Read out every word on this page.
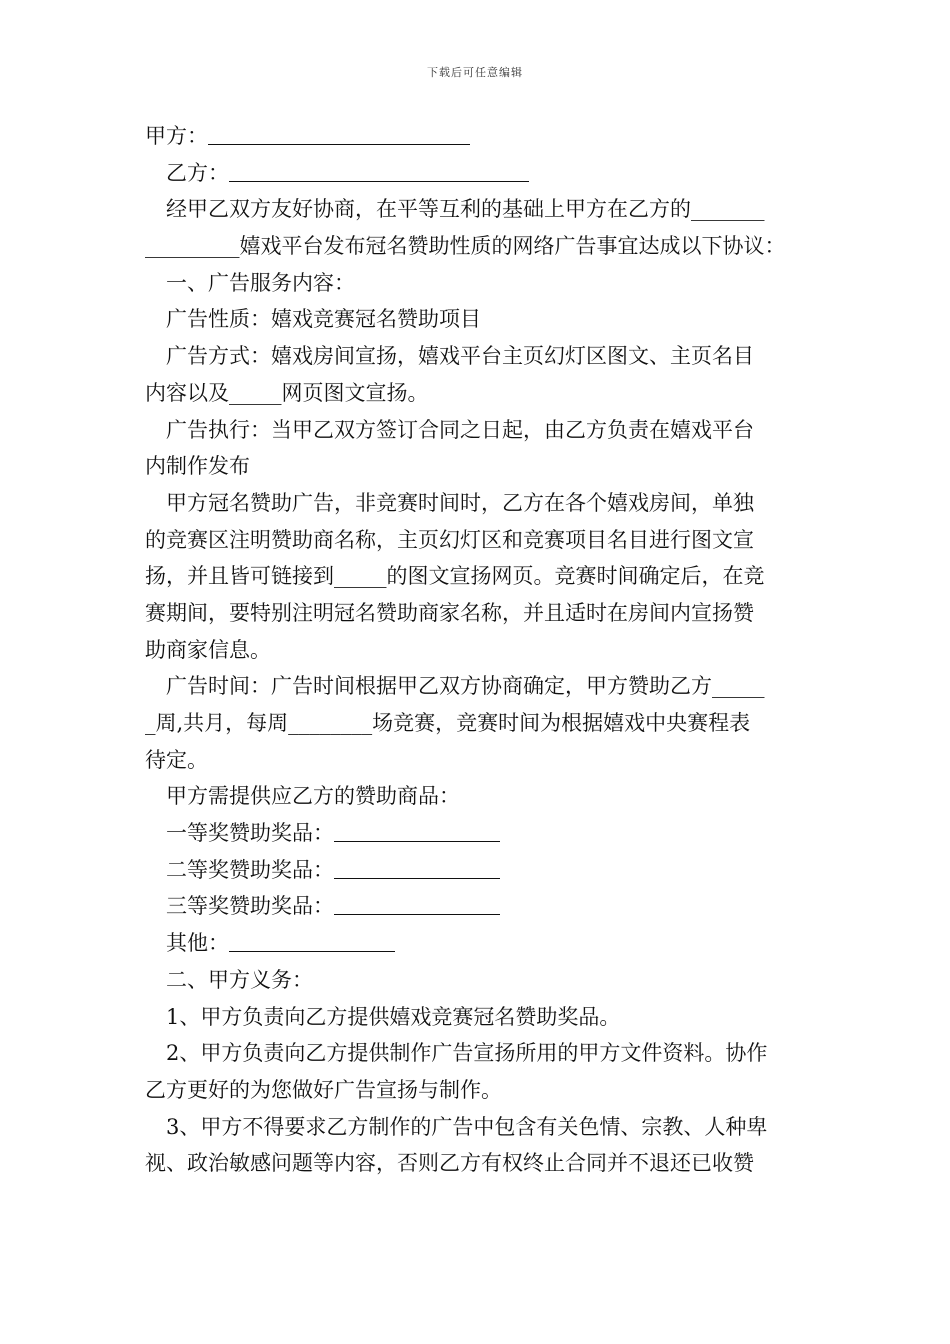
下载后可任意编辑
甲方：
乙方：
经甲乙双方友好协商，在平等互利的基础上甲方在乙方的_______
_________嬉戏平台发布冠名赞助性质的网络广告事宜达成以下协议：
一、广告服务内容：
广告性质：嬉戏竞赛冠名赞助项目
广告方式：嬉戏房间宣扬，嬉戏平台主页幻灯区图文、主页名目
内容以及_____网页图文宣扬。
广告执行：当甲乙双方签订合同之日起，由乙方负责在嬉戏平台
内制作发布
甲方冠名赞助广告，非竞赛时间时，乙方在各个嬉戏房间，单独
的竞赛区注明赞助商名称，主页幻灯区和竞赛项目名目进行图文宣
扬，并且皆可链接到_____的图文宣扬网页。竞赛时间确定后，在竞
赛期间，要特别注明冠名赞助商家名称，并且适时在房间内宣扬赞
助商家信息。
广告时间：广告时间根据甲乙双方协商确定，甲方赞助乙方_____
_周,共月，每周________场竞赛，竞赛时间为根据嬉戏中央赛程表
待定。
甲方需提供应乙方的赞助商品：
一等奖赞助奖品：
二等奖赞助奖品：
三等奖赞助奖品：
其他：
二、甲方义务：
1、甲方负责向乙方提供嬉戏竞赛冠名赞助奖品。
2、甲方负责向乙方提供制作广告宣扬所用的甲方文件资料。协作
乙方更好的为您做好广告宣扬与制作。
3、甲方不得要求乙方制作的广告中包含有关色情、宗教、人种卑
视、政治敏感问题等内容，否则乙方有权终止合同并不退还已收赞
